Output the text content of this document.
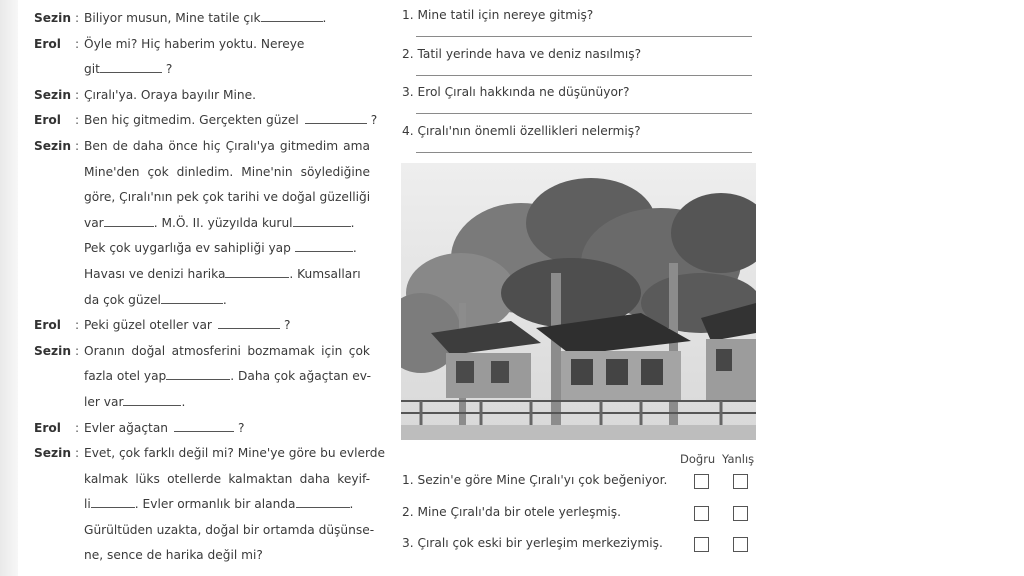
Sezin : Biliyor musun, Mine tatile çık	.
Erol : Öyle mi? Hiç haberim yoktu. Nereye
git	?
Sezin : Çıralı'ya. Oraya bayılır Mine.
Erol : Ben hiç gitmedim. Gerçekten güzel	?
Sezin : Ben de daha önce hiç Çıralı'ya gitmedim ama
Mine'den çok dinledim. Mine'nin söylediğine
göre, Çıralı'nın pek çok tarihi ve doğal güzelliği
var	. M.Ö. II. yüzyılda kurul	.
Pek çok uygarlığa ev sahipliği yap	.
Havası ve denizi harika	. Kumsalları
da çok güzel	.
Erol : Peki güzel oteller var	?
Sezin : Oranın doğal atmosferini bozmamak için çok
fazla otel yap	. Daha çok ağaçtan ev-
ler var	.
Erol : Evler ağaçtan	?
Sezin : Evet, çok farklı değil mi? Mine'ye göre bu evlerde
kalmak lüks otellerde kalmaktan daha keyif-
li	. Evler ormanlık bir alanda	.
Gürültüden uzakta, doğal bir ortamda düşünse-
ne, sence de harika değil mi?
1. Mine tatil için nereye gitmiş?
2. Tatil yerinde hava ve deniz nasılmış?
3. Erol Çıralı hakkında ne düşünüyor?
4. Çıralı'nın önemli özellikleri nelermiş?
Doğru Yanlış
1. Sezin'e göre Mine Çıralı'yı çok beğeniyor.
2. Mine Çıralı'da bir otele yerleşmiş.
3. Çıralı çok eski bir yerleşim merkeziymiş.
